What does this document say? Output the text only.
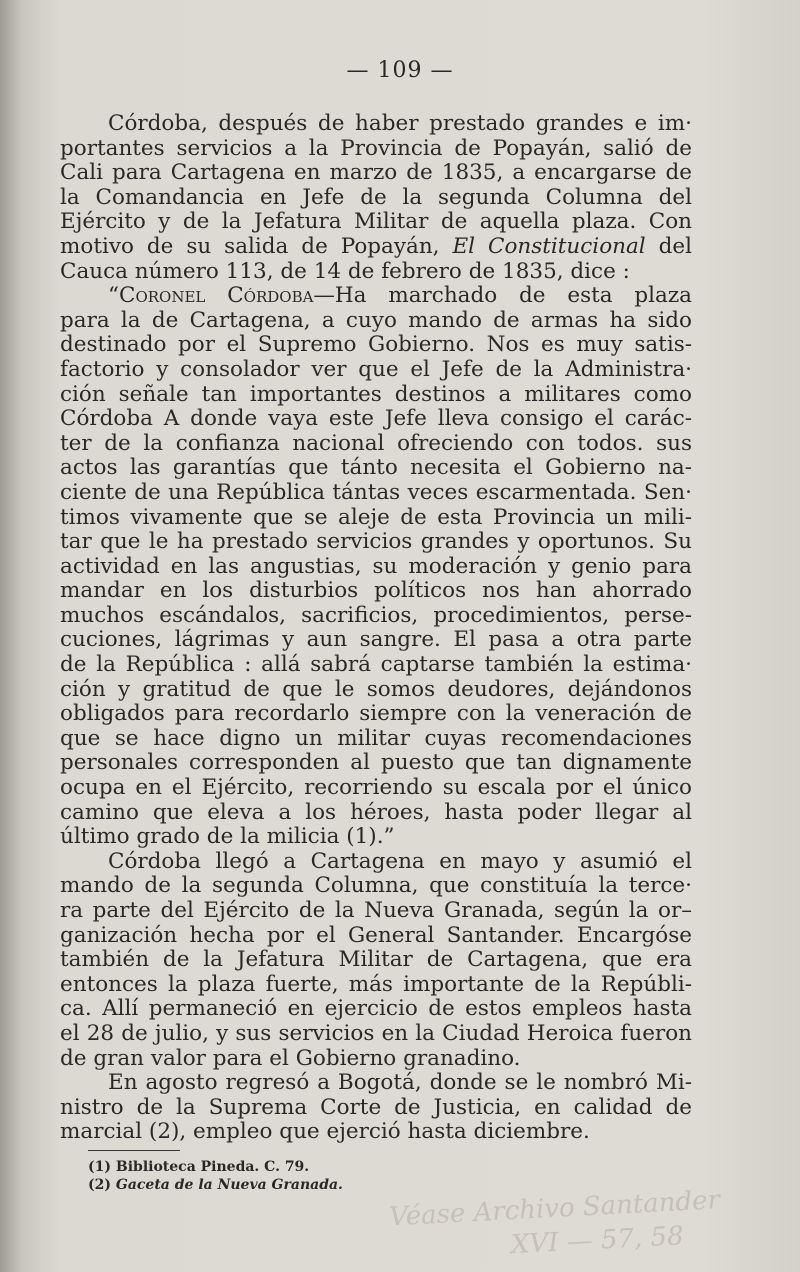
— 109 —
Córdoba, después de haber prestado grandes e im·
portantes servicios a la Provincia de Popayán, salió de
Cali para Cartagena en marzo de 1835, a encargarse de
la Comandancia en Jefe de la segunda Columna del
Ejército y de la Jefatura Militar de aquella plaza. Con
motivo de su salida de Popayán, El Constitucional del
Cauca número 113, de 14 de febrero de 1835, dice :
“Coronel Córdoba—Ha marchado de esta plaza
para la de Cartagena, a cuyo mando de armas ha sido
destinado por el Supremo Gobierno. Nos es muy satis-
factorio y consolador ver que el Jefe de la Administra·
ción señale tan importantes destinos a militares como
Córdoba A donde vaya este Jefe lleva consigo el carác-
ter de la confianza nacional ofreciendo con todos. sus
actos las garantías que tánto necesita el Gobierno na-
ciente de una República tántas veces escarmentada. Sen·
timos vivamente que se aleje de esta Provincia un mili-
tar que le ha prestado servicios grandes y oportunos. Su
actividad en las angustias, su moderación y genio para
mandar en los disturbios políticos nos han ahorrado
muchos escándalos, sacrificios, procedimientos, perse-
cuciones, lágrimas y aun sangre. El pasa a otra parte
de la República : allá sabrá captarse también la estima·
ción y gratitud de que le somos deudores, dejándonos
obligados para recordarlo siempre con la veneración de
que se hace digno un militar cuyas recomendaciones
personales corresponden al puesto que tan dignamente
ocupa en el Ejército, recorriendo su escala por el único
camino que eleva a los héroes, hasta poder llegar al
último grado de la milicia (1).”
Córdoba llegó a Cartagena en mayo y asumió el
mando de la segunda Columna, que constituía la terce·
ra parte del Ejército de la Nueva Granada, según la or–
ganización hecha por el General Santander. Encargóse
también de la Jefatura Militar de Cartagena, que era
entonces la plaza fuerte, más importante de la Repúbli-
ca. Allí permaneció en ejercicio de estos empleos hasta
el 28 de julio, y sus servicios en la Ciudad Heroica fueron
de gran valor para el Gobierno granadino.
En agosto regresó a Bogotá, donde se le nombró Mi-
nistro de la Suprema Corte de Justicia, en calidad de
marcial (2), empleo que ejerció hasta diciembre.
(1) Biblioteca Pineda. C. 79.
(2) Gaceta de la Nueva Granada.
Véase Archivo Santander
XVI — 57, 58
